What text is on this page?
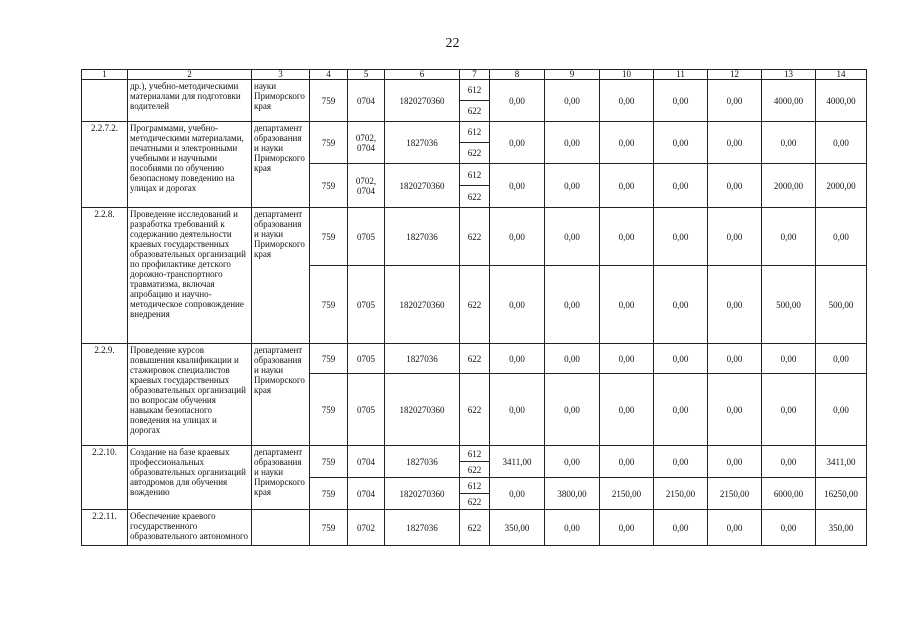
22
1	2	3	4	5	6	7	8	9	10	11	12	13	14
	др.), учебно-методическими материалами для подготовки водителей	науки Приморского края	759	0704	1820270360	612	0,00	0,00	0,00	0,00	0,00	4000,00	4000,00
						622							
2.2.7.2.	Программами, учебно-методическими материалами, печатными и электронными учебными и научными пособиями по обучению безопасному поведению на улицах и дорогах	департамент образования и науки Приморского края	759	0702, 0704	1827036	612	0,00	0,00	0,00	0,00	0,00	0,00	0,00
						622							
			759	0702, 0704	1820270360	612	0,00	0,00	0,00	0,00	0,00	2000,00	2000,00
						622							
2.2.8.	Проведение исследований и разработка требований к содержанию деятельности краевых государственных образовательных организаций по профилактике детского дорожно-транспортного травматизма, включая апробацию и научно-методическое сопровождение внедрения	департамент образования и науки Приморского края	759	0705	1827036	622	0,00	0,00	0,00	0,00	0,00	0,00	0,00
			759	0705	1820270360	622	0,00	0,00	0,00	0,00	0,00	500,00	500,00
2.2.9.	Проведение курсов повышения квалификации и стажировок специалистов краевых государственных образовательных организаций по вопросам обучения навыкам безопасного поведения на улицах и дорогах	департамент образования и науки Приморского края	759	0705	1827036	622	0,00	0,00	0,00	0,00	0,00	0,00	0,00
			759	0705	1820270360	622	0,00	0,00	0,00	0,00	0,00	0,00	0,00
2.2.10.	Создание на базе краевых профессиональных образовательных организаций автодромов для обучения вождению	департамент образования и науки Приморского края	759	0704	1827036	612	3411,00	0,00	0,00	0,00	0,00	0,00	3411,00
						622							
			759	0704	1820270360	612	0,00	3800,00	2150,00	2150,00	2150,00	6000,00	16250,00
						622							
2.2.11.	Обеспечение краевого государственного образовательного автономного		759	0702	1827036	622	350,00	0,00	0,00	0,00	0,00	0,00	350,00
